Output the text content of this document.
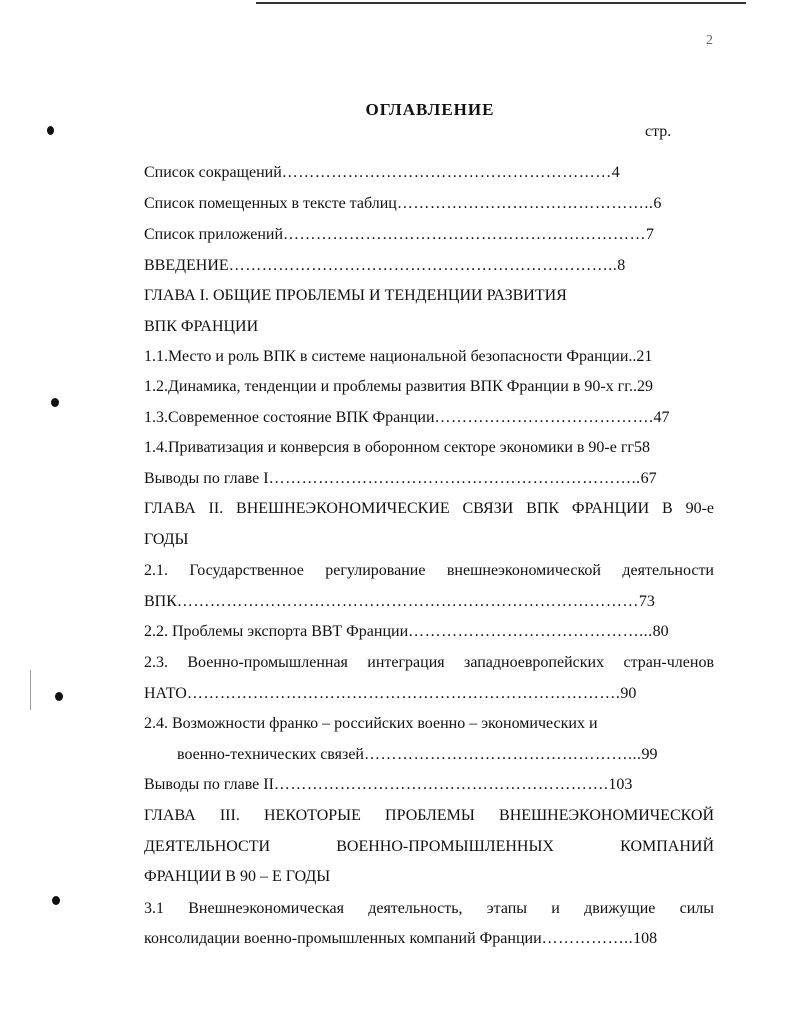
2
ОГЛАВЛЕНИЕ
стр.
Список сокращений……………………………………………………4
Список помещенных в тексте таблиц………………………………………..6
Список приложений…………………………………………………………7
ВВЕДЕНИЕ……………………………………………………………..8
ГЛАВА I. ОБЩИЕ ПРОБЛЕМЫ И ТЕНДЕНЦИИ РАЗВИТИЯ
ВПК ФРАНЦИИ
1.1.Место и роль ВПК в системе национальной безопасности Франции..21
1.2.Динамика, тенденции и проблемы развития ВПК Франции в 90-х гг..29
1.3.Современное состояние ВПК Франции………………………………….47
1.4.Приватизация и конверсия в оборонном секторе экономики в 90-е гг58
Выводы по главе I…………………………………………………………..67
ГЛАВА II. ВНЕШНЕЭКОНОМИЧЕСКИЕ СВЯЗИ ВПК ФРАНЦИИ В 90-е
ГОДЫ
2.1. Государственное регулирование внешнеэкономической деятельности
ВПК…………………………………………………………………………73
2.2. Проблемы экспорта ВВТ Франции……………………………………...80
2.3. Военно-промышленная интеграция западноевропейских стран-членов
НАТО…………………………………………………………………….90
2.4. Возможности франко – российских военно – экономических и
военно-технических связей…………………………………………...99
Выводы по главе II…………………………………………………….103
ГЛАВА III. НЕКОТОРЫЕ ПРОБЛЕМЫ ВНЕШНЕЭКОНОМИЧЕСКОЙ
ДЕЯТЕЛЬНОСТИ ВОЕННО-ПРОМЫШЛЕННЫХ КОМПАНИЙ
ФРАНЦИИ В 90 – Е ГОДЫ
3.1 Внешнеэкономическая деятельность, этапы и движущие силы
консолидации военно-промышленных компаний Франции……………..108
